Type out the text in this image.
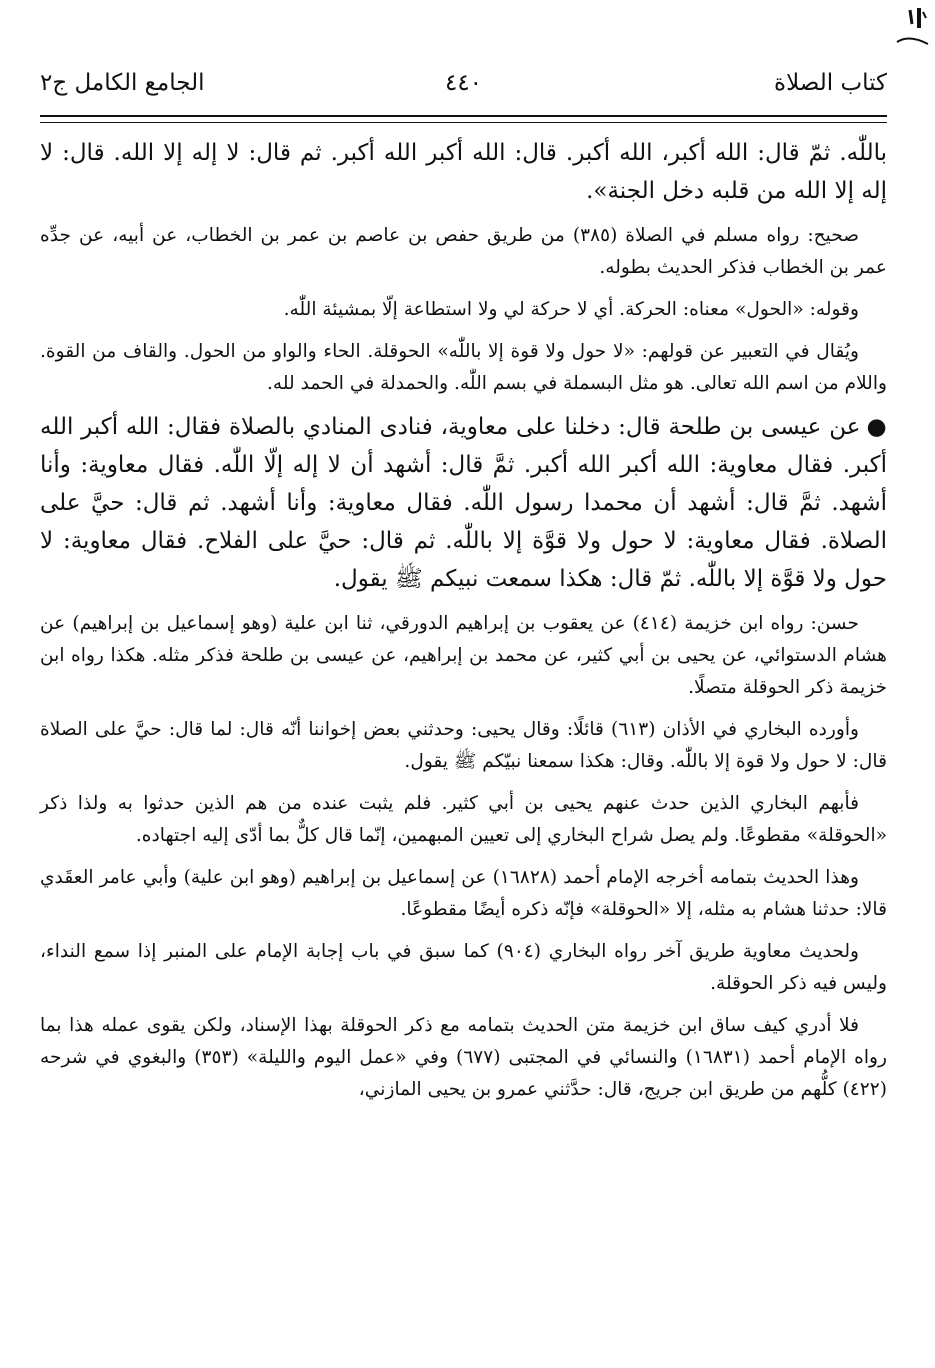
كتاب الصلاة
٤٤٠
الجامع الكامل ج٢

باللّٰه. ثمّ قال: الله أكبر، الله أكبر. قال: الله أكبر الله أكبر. ثم قال: لا إله إلا الله. قال: لا إله إلا الله من قلبه دخل الجنة».

صحيح: رواه مسلم في الصلاة (٣٨٥) من طريق حفص بن عاصم بن عمر بن الخطاب، عن أبيه، عن جدِّه عمر بن الخطاب فذكر الحديث بطوله.

وقوله: «الحول» معناه: الحركة. أي لا حركة لي ولا استطاعة إلّا بمشيئة اللّٰه.

ويُقال في التعبير عن قولهم: «لا حول ولا قوة إلا باللّٰه» الحوقلة. الحاء والواو من الحول. والقاف من القوة. واللام من اسم الله تعالى. هو مثل البسملة في بسم اللّٰه. والحمدلة في الحمد لله.

●عن عيسى بن طلحة قال: دخلنا على معاوية، فنادى المنادي بالصلاة فقال: الله أكبر الله أكبر. فقال معاوية: الله أكبر الله أكبر. ثمَّ قال: أشهد أن لا إله إلّا اللّٰه. فقال معاوية: وأنا أشهد. ثمَّ قال: أشهد أن محمدا رسول اللّٰه. فقال معاوية: وأنا أشهد. ثم قال: حيَّ على الصلاة. فقال معاوية: لا حول ولا قوَّة إلا باللّٰه. ثم قال: حيَّ على الفلاح. فقال معاوية: لا حول ولا قوَّة إلا باللّٰه. ثمّ قال: هكذا سمعت نبيكم ﷺ يقول.

حسن: رواه ابن خزيمة (٤١٤) عن يعقوب بن إبراهيم الدورقي، ثنا ابن علية (وهو إسماعيل بن إبراهيم) عن هشام الدستوائي، عن يحيى بن أبي كثير، عن محمد بن إبراهيم، عن عيسى بن طلحة فذكر مثله. هكذا رواه ابن خزيمة ذكر الحوقلة متصلًا.

وأورده البخاري في الأذان (٦١٣) قائلًا: وقال يحيى: وحدثني بعض إخواننا أنّه قال: لما قال: حيَّ على الصلاة قال: لا حول ولا قوة إلا باللّٰه. وقال: هكذا سمعنا نبيّكم ﷺ يقول.

فأبهم البخاري الذين حدث عنهم يحيى بن أبي كثير. فلم يثبت عنده من هم الذين حدثوا به ولذا ذكر «الحوقلة» مقطوعًا. ولم يصل شراح البخاري إلى تعيين المبهمين، إنّما قال كلٌّ بما أدّى إليه اجتهاده.

وهذا الحديث بتمامه أخرجه الإمام أحمد (١٦٨٢٨) عن إسماعيل بن إبراهيم (وهو ابن علية) وأبي عامر العقَدي قالا: حدثنا هشام به مثله، إلا «الحوقلة» فإنّه ذكره أيضًا مقطوعًا.

ولحديث معاوية طريق آخر رواه البخاري (٩٠٤) كما سبق في باب إجابة الإمام على المنبر إذا سمع النداء، وليس فيه ذكر الحوقلة.

فلا أدري كيف ساق ابن خزيمة متن الحديث بتمامه مع ذكر الحوقلة بهذا الإسناد، ولكن يقوى عمله هذا بما رواه الإمام أحمد (١٦٨٣١) والنسائي في المجتبى (٦٧٧) وفي «عمل اليوم والليلة» (٣٥٣) والبغوي في شرحه (٤٢٢) كلُّهم من طريق ابن جريج، قال: حدَّثني عمرو بن يحيى المازني،
